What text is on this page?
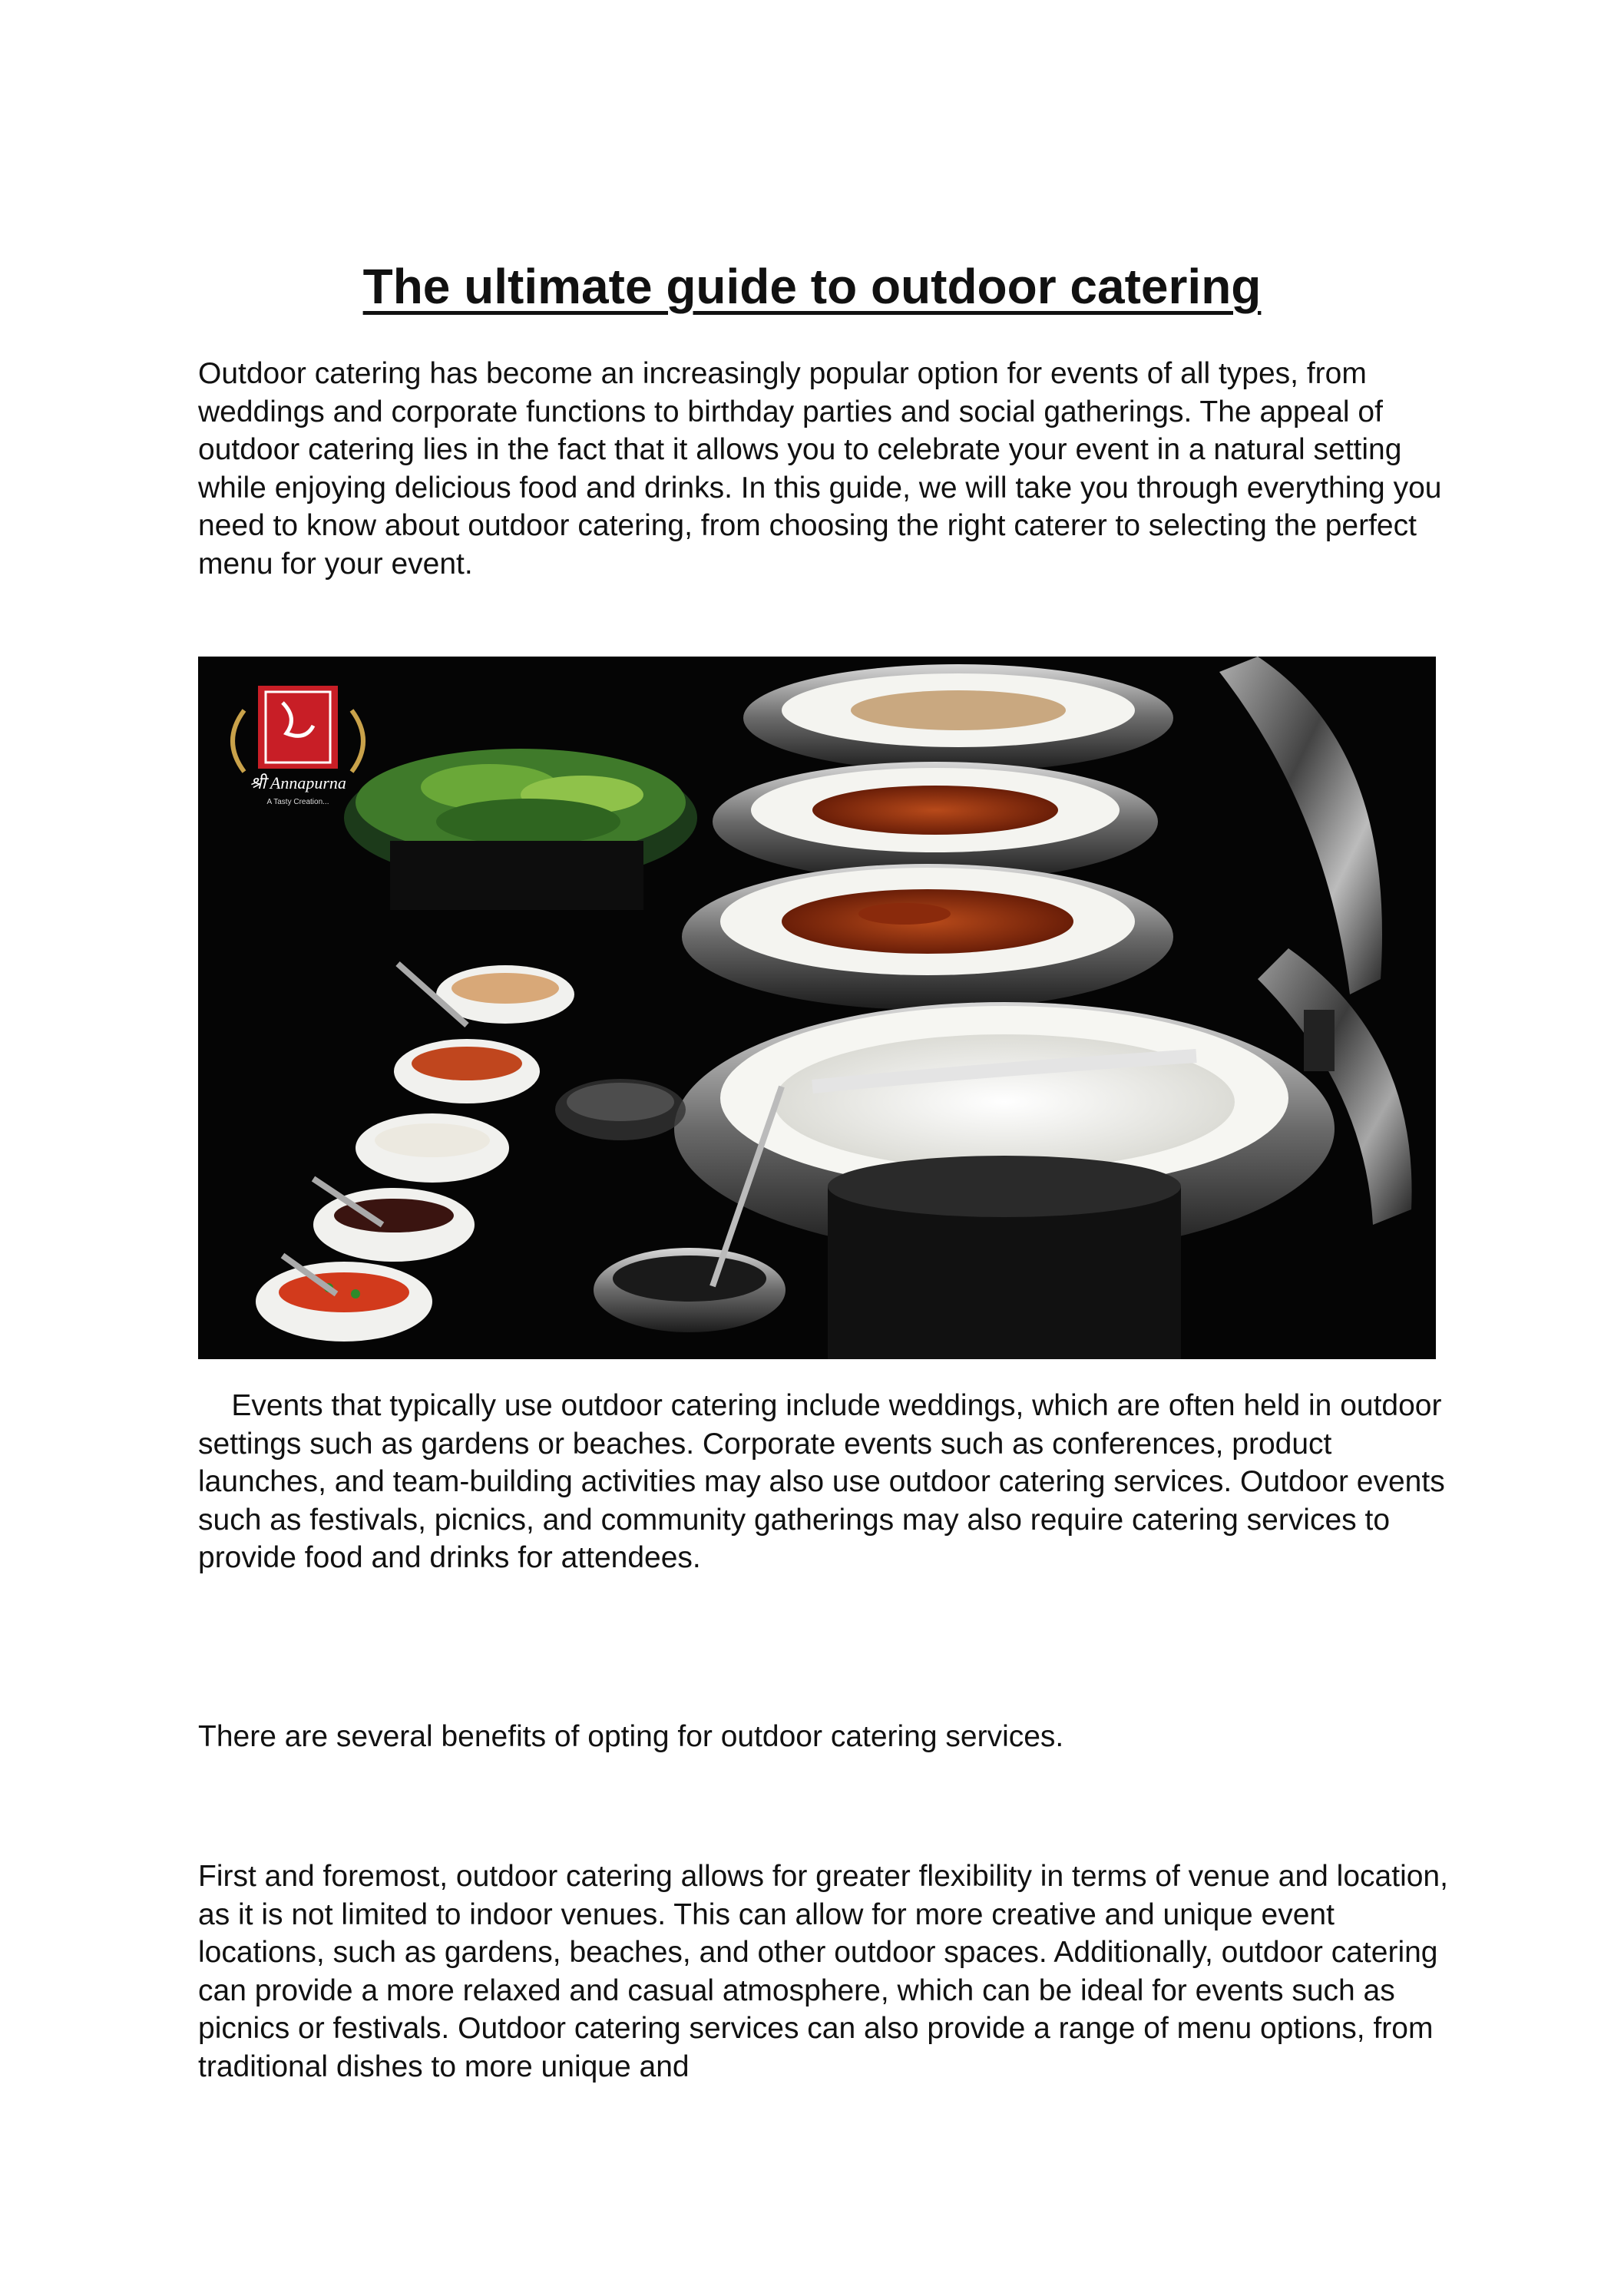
The ultimate guide to outdoor catering

Outdoor catering has become an increasingly popular option for events of all types, from weddings and corporate functions to birthday parties and social gatherings. The appeal of outdoor catering lies in the fact that it allows you to celebrate your event in a natural setting while enjoying delicious food and drinks. In this guide, we will take you through everything you need to know about outdoor catering, from choosing the right caterer to selecting the perfect menu for your event.

श्री Annapurna
A Tasty Creation...

Events that typically use outdoor catering include weddings, which are often held in outdoor settings such as gardens or beaches. Corporate events such as conferences, product launches, and team-building activities may also use outdoor catering services. Outdoor events such as festivals, picnics, and community gatherings may also require catering services to provide food and drinks for attendees.

There are several benefits of opting for outdoor catering services.

First and foremost, outdoor catering allows for greater flexibility in terms of venue and location, as it is not limited to indoor venues. This can allow for more creative and unique event locations, such as gardens, beaches, and other outdoor spaces. Additionally, outdoor catering can provide a more relaxed and casual atmosphere, which can be ideal for events such as picnics or festivals. Outdoor catering services can also provide a range of menu options, from traditional dishes to more unique and
